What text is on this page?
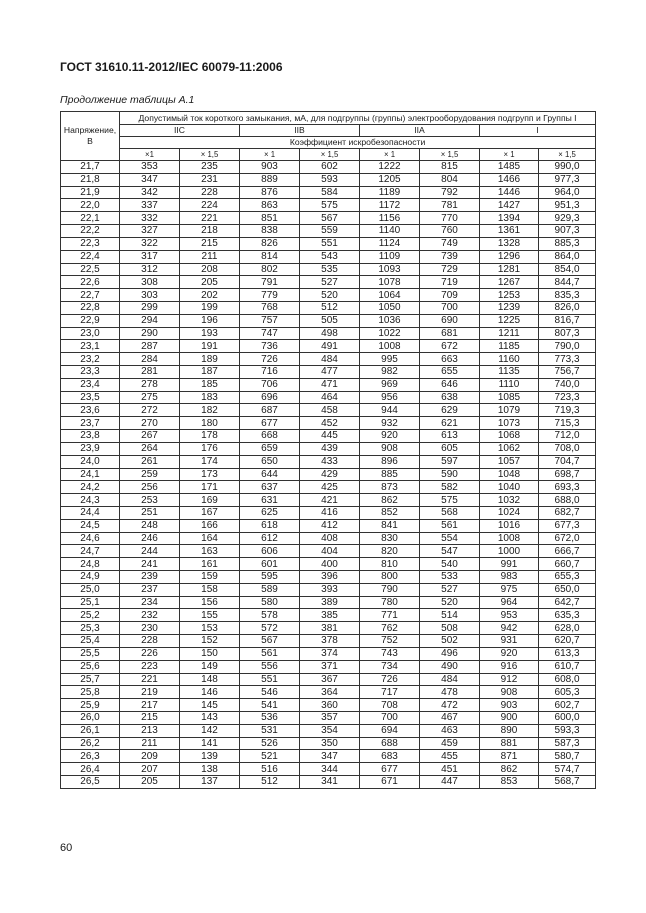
ГОСТ 31610.11-2012/IEC 60079-11:2006
Продолжение таблицы A.1
Напряжение, В	Допустимый ток короткого замыкания, мА, для подгруппы (группы) электрооборудования подгрупп и Группы I							
	IIC		IIB		IIA		I	
	Коэффициент искробезопасности							
	×1	× 1,5	× 1	× 1,5	× 1	× 1,5	× 1	× 1,5
21,7	353	235	903	602	1222	815	1485	990,0
21,8	347	231	889	593	1205	804	1466	977,3
21,9	342	228	876	584	1189	792	1446	964,0
22,0	337	224	863	575	1172	781	1427	951,3
22,1	332	221	851	567	1156	770	1394	929,3
22,2	327	218	838	559	1140	760	1361	907,3
22,3	322	215	826	551	1124	749	1328	885,3
22,4	317	211	814	543	1109	739	1296	864,0
22,5	312	208	802	535	1093	729	1281	854,0
22,6	308	205	791	527	1078	719	1267	844,7
22,7	303	202	779	520	1064	709	1253	835,3
22,8	299	199	768	512	1050	700	1239	826,0
22,9	294	196	757	505	1036	690	1225	816,7
23,0	290	193	747	498	1022	681	1211	807,3
23,1	287	191	736	491	1008	672	1185	790,0
23,2	284	189	726	484	995	663	1160	773,3
23,3	281	187	716	477	982	655	1135	756,7
23,4	278	185	706	471	969	646	1110	740,0
23,5	275	183	696	464	956	638	1085	723,3
23,6	272	182	687	458	944	629	1079	719,3
23,7	270	180	677	452	932	621	1073	715,3
23,8	267	178	668	445	920	613	1068	712,0
23,9	264	176	659	439	908	605	1062	708,0
24,0	261	174	650	433	896	597	1057	704,7
24,1	259	173	644	429	885	590	1048	698,7
24,2	256	171	637	425	873	582	1040	693,3
24,3	253	169	631	421	862	575	1032	688,0
24,4	251	167	625	416	852	568	1024	682,7
24,5	248	166	618	412	841	561	1016	677,3
24,6	246	164	612	408	830	554	1008	672,0
24,7	244	163	606	404	820	547	1000	666,7
24,8	241	161	601	400	810	540	991	660,7
24,9	239	159	595	396	800	533	983	655,3
25,0	237	158	589	393	790	527	975	650,0
25,1	234	156	580	389	780	520	964	642,7
25,2	232	155	578	385	771	514	953	635,3
25,3	230	153	572	381	762	508	942	628,0
25,4	228	152	567	378	752	502	931	620,7
25,5	226	150	561	374	743	496	920	613,3
25,6	223	149	556	371	734	490	916	610,7
25,7	221	148	551	367	726	484	912	608,0
25,8	219	146	546	364	717	478	908	605,3
25,9	217	145	541	360	708	472	903	602,7
26,0	215	143	536	357	700	467	900	600,0
26,1	213	142	531	354	694	463	890	593,3
26,2	211	141	526	350	688	459	881	587,3
26,3	209	139	521	347	683	455	871	580,7
26,4	207	138	516	344	677	451	862	574,7
26,5	205	137	512	341	671	447	853	568,7
60
